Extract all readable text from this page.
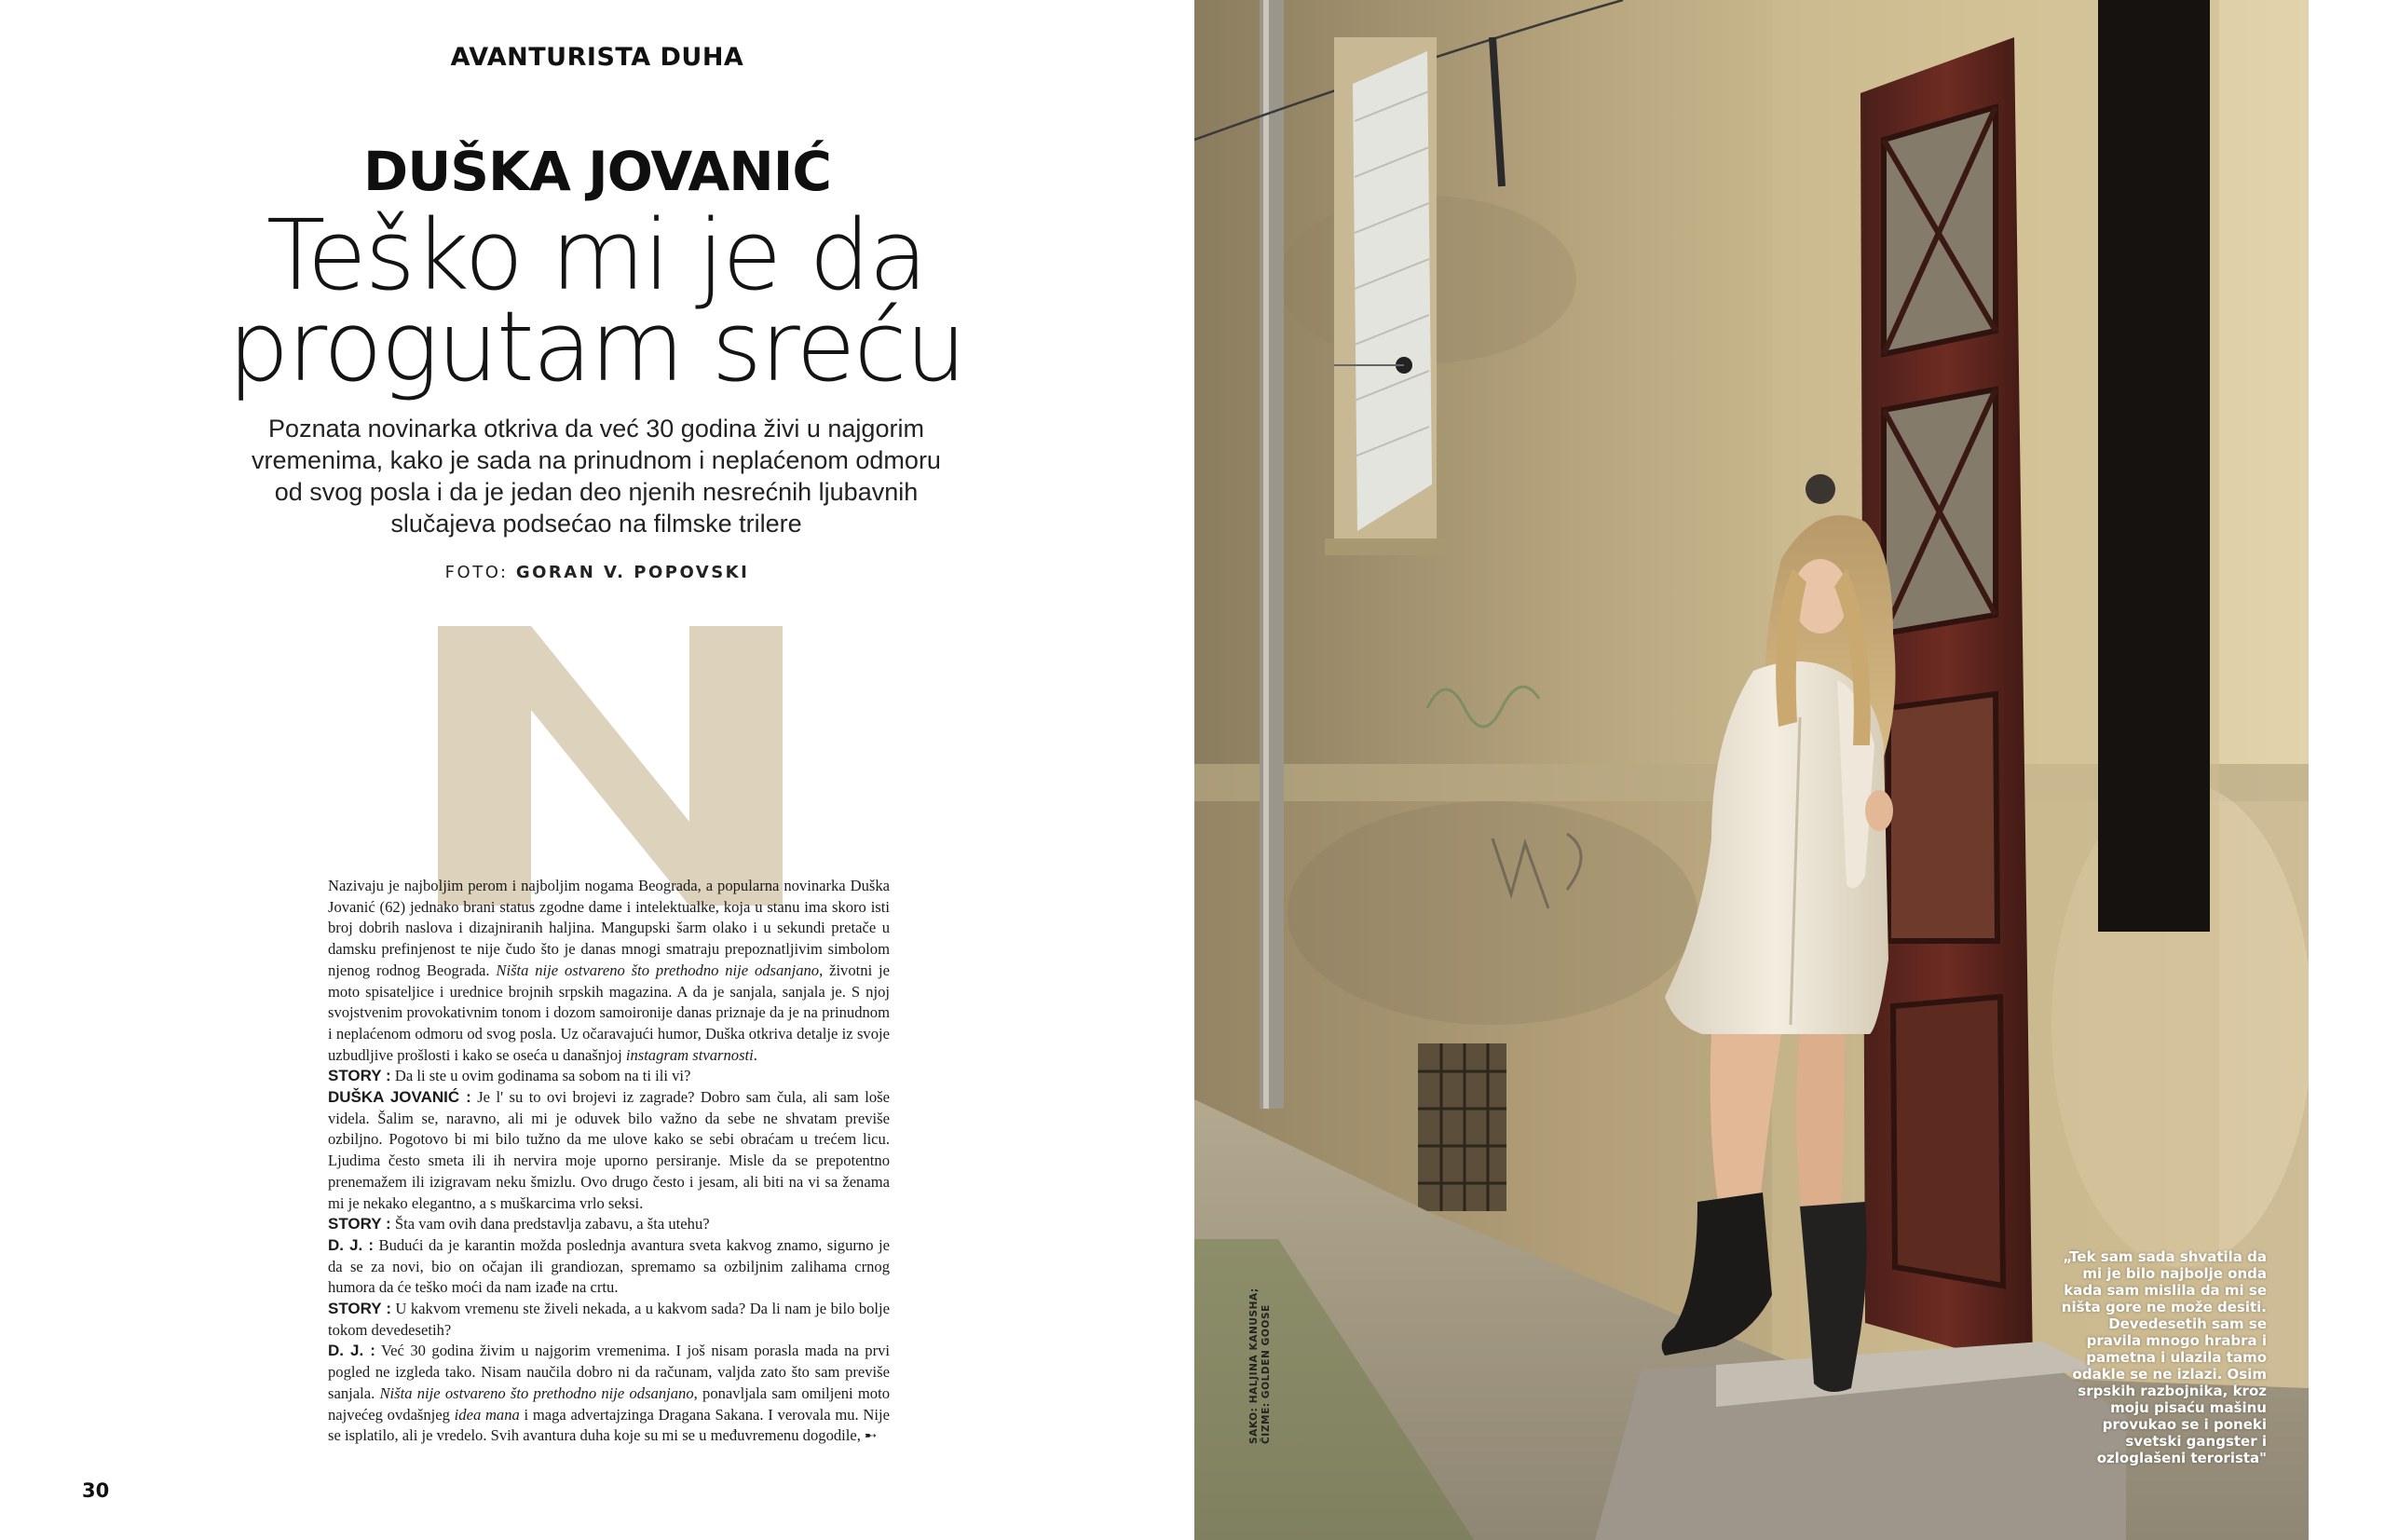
AVANTURISTA DUHA
DUŠKA JOVANIĆ
Teško mi je da
progutam sreću
Poznata novinarka otkriva da već 30 godina živi u najgorim vremenima, kako je sada na prinudnom i neplaćenom odmoru od svog posla i da je jedan deo njenih nesrećnih ljubavnih slučajeva podsećao na filmske trilere
FOTO: GORAN V. POPOVSKI

Nazivaju je najboljim perom i najboljim nogama Beograda, a popularna novinarka Duška Jovanić (62) jednako brani status zgodne dame i intelektualke, koja u stanu ima skoro isti broj dobrih naslova i dizajniranih haljina. Mangupski šarm olako i u sekundi pretače u damsku prefinjenost te nije čudo što je danas mnogi smatraju prepoznatljivim simbolom njenog rodnog Beograda. Ništa nije ostvareno što prethodno nije odsanjano, životni je moto spisateljice i urednice brojnih srpskih magazina. A da je sanjala, sanjala je. S njoj svojstvenim provokativnim tonom i dozom samoironije danas priznaje da je na prinudnom i neplaćenom odmoru od svog posla. Uz očaravajući humor, Duška otkriva detalje iz svoje uzbudljive prošlosti i kako se oseća u današnjoj instagram stvarnosti.

STORY : Da li ste u ovim godinama sa sobom na ti ili vi?

DUŠKA JOVANIĆ : Je l' su to ovi brojevi iz zagrade? Dobro sam čula, ali sam loše videla. Šalim se, naravno, ali mi je oduvek bilo važno da sebe ne shvatam previše ozbiljno. Pogotovo bi mi bilo tužno da me ulove kako se sebi obraćam u trećem licu. Ljudima često smeta ili ih nervira moje uporno persiranje. Misle da se prepotentno prenemažem ili izigravam neku šmizlu. Ovo drugo često i jesam, ali biti na vi sa ženama mi je nekako elegantno, a s muškarcima vrlo seksi.

STORY : Šta vam ovih dana predstavlja zabavu, a šta utehu?

D. J. : Budući da je karantin možda poslednja avantura sveta kakvog znamo, sigurno je da se za novi, bio on očajan ili grandiozan, spremamo sa ozbiljnim zalihama crnog humora da će teško moći da nam izađe na crtu.

STORY : U kakvom vremenu ste živeli nekada, a u kakvom sada? Da li nam je bilo bolje tokom devedesetih?

D. J. : Već 30 godina živim u najgorim vremenima. I još nisam porasla mada na prvi pogled ne izgleda tako. Nisam naučila dobro ni da računam, valjda zato što sam previše sanjala. Ništa nije ostvareno što prethodno nije odsanjano, ponavljala sam omiljeni moto najvećeg ovdašnjeg idea mana i maga advertajzinga Dragana Sakana. I verovala mu. Nije se isplatilo, ali je vredelo. Svih avantura duha koje su mi se u međuvremenu dogodile, ➸

30
SAKO: HALJINA KANUSHA; ČIZME: GOLDEN GOOSE
„Tek sam sada shvatila da mi je bilo najbolje onda kada sam mislila da mi se ništa gore ne može desiti. Devedesetih sam se pravila mnogo hrabra i pametna i ulazila tamo odakle se ne izlazi. Osim srpskih razbojnika, kroz moju pisaću mašinu provukao se i poneki svetski gangster i ozloglašeni terorista"
